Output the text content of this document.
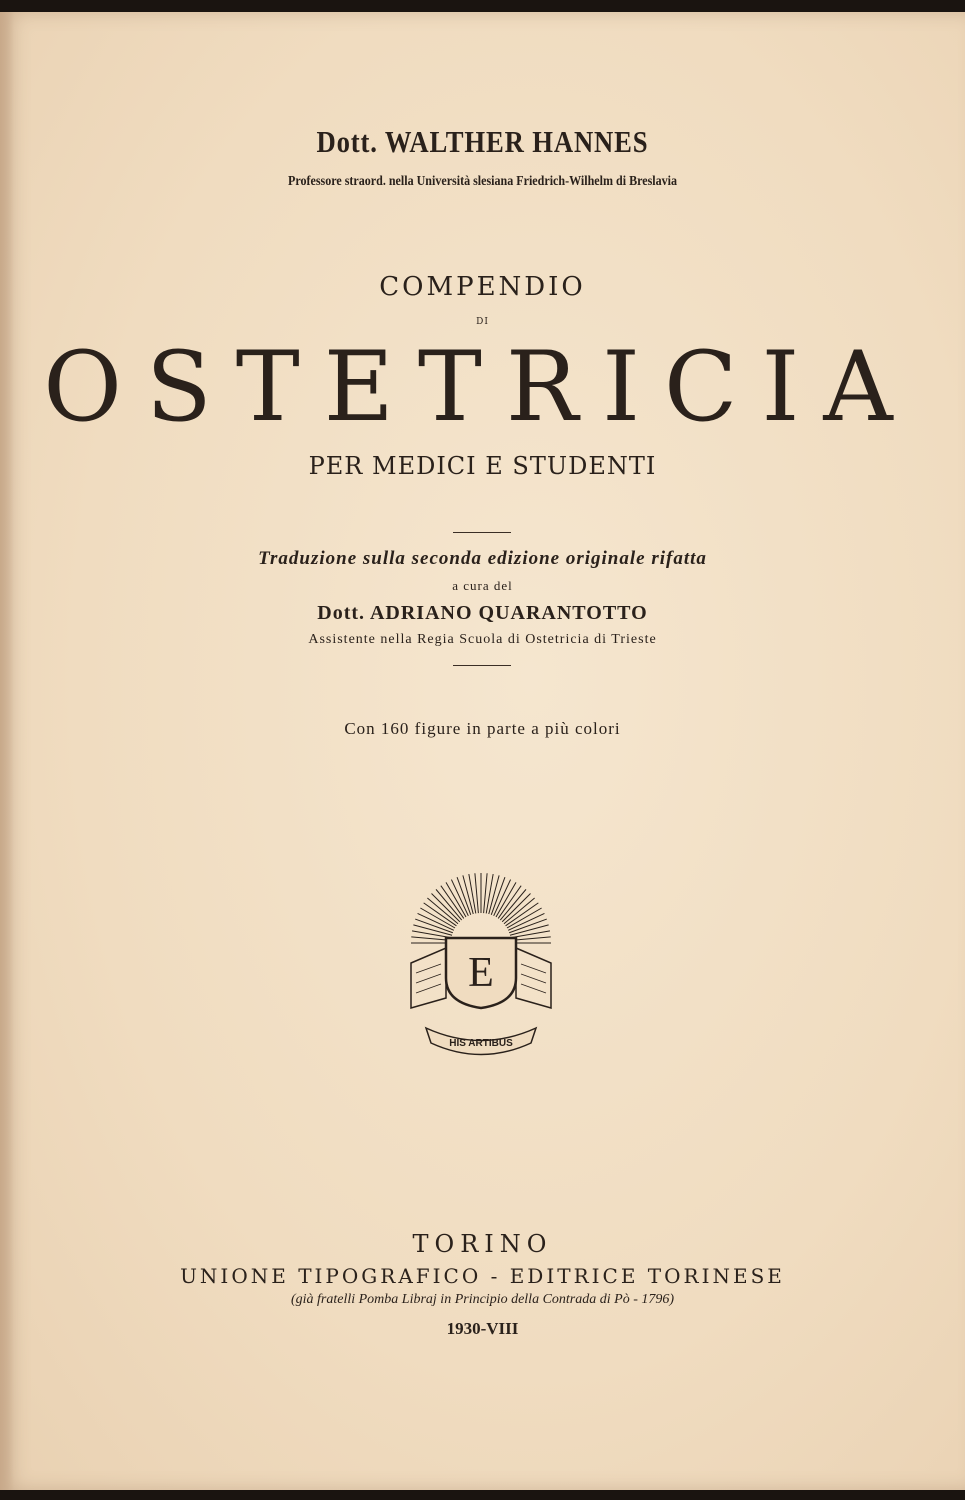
Dott. WALTHER HANNES

Professore straord. nella Università slesiana Friedrich-Wilhelm di Breslavia

COMPENDIO

DI

OSTETRICIA

PER MEDICI E STUDENTI

Traduzione sulla seconda edizione originale rifatta

a cura del

Dott. ADRIANO QUARANTOTTO

Assistente nella Regia Scuola di Ostetricia di Trieste

Con 160 figure in parte a più colori

E
HIS ARTIBUS

TORINO

UNIONE TIPOGRAFICO - EDITRICE TORINESE

(già fratelli Pomba Libraj in Principio della Contrada di Pò - 1796)

1930-VIII
